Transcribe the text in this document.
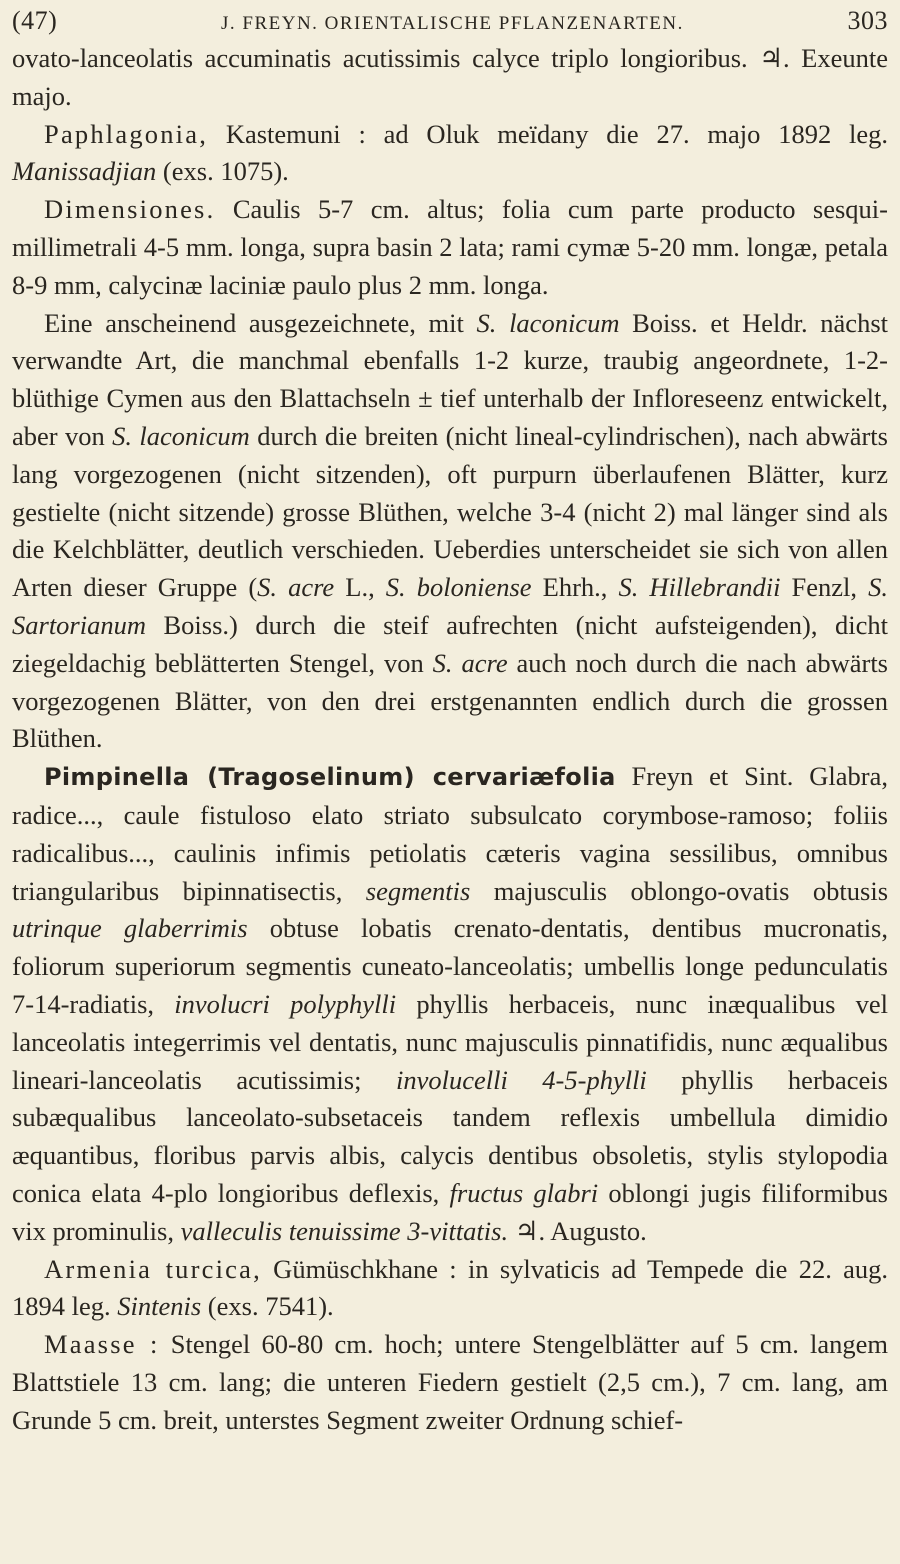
(47)	J. FREYN. ORIENTALISCHE PFLANZENARTEN.	303

ovato-lanceolatis accuminatis acutissimis calyce triplo longioribus. ♃. Exeunte majo.

Paphlagonia, Kastemuni : ad Oluk meïdany die 27. majo 1892 leg. Manissadjian (exs. 1075).

Dimensiones. Caulis 5-7 cm. altus; folia cum parte producto sesqui-millimetrali 4-5 mm. longa, supra basin 2 lata; rami cymæ 5-20 mm. longæ, petala 8-9 mm, calycinæ laciniæ paulo plus 2 mm. longa.

Eine anscheinend ausgezeichnete, mit S. laconicum Boiss. et Heldr. nächst verwandte Art, die manchmal ebenfalls 1-2 kurze, traubig angeordnete, 1-2-blüthige Cymen aus den Blattachseln ± tief unterhalb der Infloreseenz entwickelt, aber von S. laconicum durch die breiten (nicht lineal-cylindrischen), nach abwärts lang vorgezogenen (nicht sitzenden), oft purpurn überlaufenen Blätter, kurz gestielte (nicht sitzende) grosse Blüthen, welche 3-4 (nicht 2) mal länger sind als die Kelchblätter, deutlich verschieden. Ueberdies unterscheidet sie sich von allen Arten dieser Gruppe (S. acre L., S. boloniense Ehrh., S. Hillebrandii Fenzl, S. Sartorianum Boiss.) durch die steif aufrechten (nicht aufsteigenden), dicht ziegeldachig beblätterten Stengel, von S. acre auch noch durch die nach abwärts vorgezogenen Blätter, von den drei erstgenannten endlich durch die grossen Blüthen.

Pimpinella (Tragoselinum) cervariæfolia Freyn et Sint. Glabra, radice..., caule fistuloso elato striato subsulcato corymbose-ramoso; foliis radicalibus..., caulinis infimis petiolatis cæteris vagina sessilibus, omnibus triangularibus bipinnatisectis, segmentis majusculis oblongo-ovatis obtusis utrinque glaberrimis obtuse lobatis crenato-dentatis, dentibus mucronatis, foliorum superiorum segmentis cuneato-lanceolatis; umbellis longe pedunculatis 7-14-radiatis, involucri polyphylli phyllis herbaceis, nunc inæqualibus vel lanceolatis integerrimis vel dentatis, nunc majusculis pinnatifidis, nunc æqualibus lineari-lanceolatis acutissimis; involucelli 4-5-phylli phyllis herbaceis subæqualibus lanceolato-subsetaceis tandem reflexis umbellula dimidio æquantibus, floribus parvis albis, calycis dentibus obsoletis, stylis stylopodia conica elata 4-plo longioribus deflexis, fructus glabri oblongi jugis filiformibus vix prominulis, valleculis tenuissime 3-vittatis. ♃. Augusto.

Armenia turcica, Gümüschkhane : in sylvaticis ad Tempede die 22. aug. 1894 leg. Sintenis (exs. 7541).

Maasse : Stengel 60-80 cm. hoch; untere Stengelblätter auf 5 cm. langem Blattstiele 13 cm. lang; die unteren Fiedern gestielt (2,5 cm.), 7 cm. lang, am Grunde 5 cm. breit, unterstes Segment zweiter Ordnung schief-
